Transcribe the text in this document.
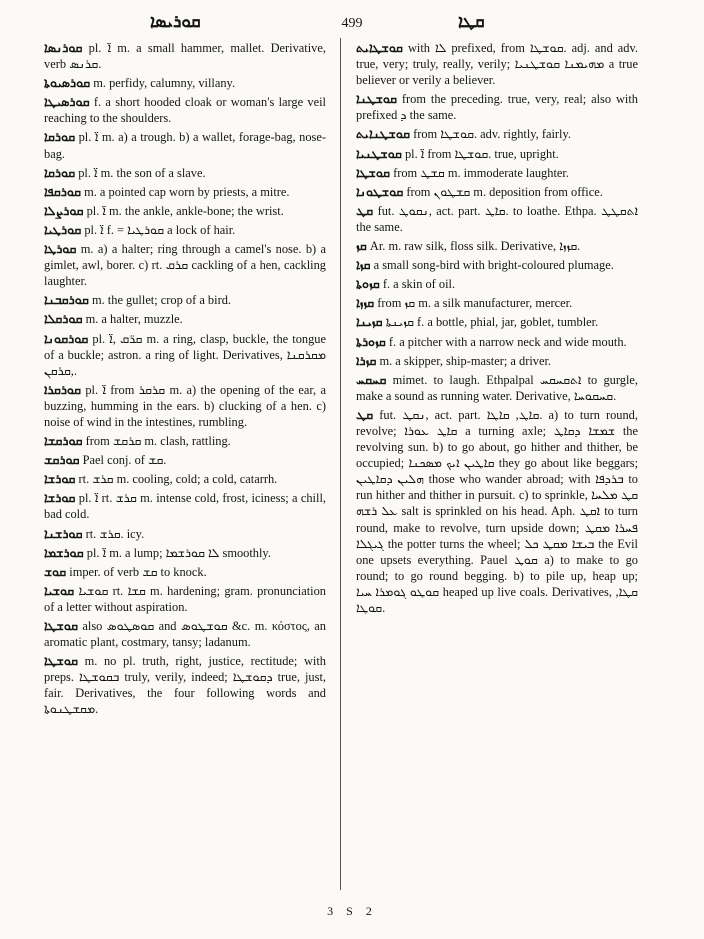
ܩܘܪܝܣܐ	499	ܩܛܐ

ܩܘܪܢܣܐ pl. ܐ̈ m. a small hammer, mallet. Derivative, verb ܩܪܢܣ.

ܩܘܪܣܝܘܬܐ m. perfidy, calumny, villany.

ܩܘܪܣܝܛܐ f. a short hooded cloak or woman's large veil reaching to the shoulders.

ܩܘܪܩܐ pl. ܐ̈ m. a) a trough. b) a wallet, forage-bag, nose-bag.

ܩܘܪܩܐ pl. ܐ̈ m. the son of a slave.

ܩܘܪܩܦܐ m. a pointed cap worn by priests, a mitre.

ܩܘܪܨܠܐ pl. ܐ̈ m. the ankle, ankle-bone; the wrist.

ܩܘܪܛܝܐ pl. ܐ̈ f. = ܩܘܪܛܝܐ a lock of hair.

ܩܘܪܛܐ m. a) a halter; ring through a camel's nose. b) a gimlet, awl, borer. c) rt. ܩܪܩ cackling of a hen, cackling laughter.

ܩܘܪܩܒܢܐ m. the gullet; crop of a bird.

ܩܘܪܩܠܐ m. a halter, muzzle.

ܩܘܪܩܘܢܐ pl. ܩܪ̈ܩ ,ܐ̈ m. a ring, clasp, buckle, the tongue of a buckle; astron. a ring of light. Derivatives, ܡܩܪܩܢܐ ,ܩܪܩܢ.

ܩܘܪܩܪܐ pl. ܐ̈ from ܩܪܩܪ m. a) the opening of the ear, a buzzing, humming in the ears. b) clucking of a hen. c) noise of wind in the intestines, rumbling.

ܩܘܪܩܫܐ from ܩܪܩܫ m. clash, rattling.

ܩܘܪܩܫ Pael conj. of ܩܫ.

ܩܘܪܫܐ rt. ܩܪܫ m. cooling, cold; a cold, catarrh.

ܩܘܪܫܐ pl. ܐ̈ rt. ܩܪܫ m. intense cold, frost, iciness; a chill, bad cold.

ܩܘܪܫܢܐ rt. ܩܪܫ. icy.

ܩܘܪܫܡܐ pl. ܐ̈ m. a lump; ܠܐ ܩܘܪܫܡܐ smoothly.

ܩܘܫ imper. of verb ܩܫ to knock.

ܩܘܫܝܐ ܩܘܫܝܐ rt. ܩܫܐ m. hardening; gram. pronunciation of a letter without aspiration.

ܩܘܫܛܐ also ܩܘܣܛܘܣ and ܩܘܫܛܘܣ &c. m. κόστος, an aromatic plant, costmary, tansy; ladanum.

ܩܘܫܛܐ m. no pl. truth, right, justice, rectitude; with preps. ܒܩܘܫܛܐ truly, verily, indeed; ܕܩܘܫܛܐ true, just, fair. Derivatives, the four following words and ܡܩܫܛܢܘܬܐ.

ܩܘܫܛܐܝܬ with ܠܐ prefixed, from ܩܘܫܛܐ. adj. and adv. true, very; truly, really, verily; ܡܗܝܡܢܐ ܩܘܫܛܢܝܐ a true believer or verily a believer.

ܩܘܫܛܢܐ from the preceding. true, very, real; also with prefixed ܕ the same.

ܩܘܫܛܢܐܝܬ from ܩܘܫܛܐ. adv. rightly, fairly.

ܩܘܫܛܢܝܐ pl. ܐ̈ from ܩܘܫܛܐ. true, upright.

ܩܘܫܛܐ from ܩܫܛ m. immoderate laughter.

ܩܘܫܛܘܢܐ from ܩܫܛܘܢ m. deposition from office.

ܩܛ fut. ܢܩܘܛ, act. part. ܩܐܛ. to loathe. Ethpa. ܐܬܩܛܛ the same.

ܩܙ Ar. m. raw silk, floss silk. Derivative, ܩܙܙܐ.

ܩܙܐ a small song-bird with bright-coloured plumage.

ܩܙܘܬܐ f. a skin of oil.

ܩܙܙܐ from ܩܙ m. a silk manufacturer, mercer.

ܩܙܝܢܐ ܩܙܝܢܬܐ f. a bottle, phial, jar, goblet, tumbler.

ܩܙܘܪܬܐ f. a pitcher with a narrow neck and wide mouth.

ܩܙܪܐ m. a skipper, ship-master; a driver.

ܩܚܩܚ mimet. to laugh. Ethpalpal ܐܬܩܚܩܚ to gurgle, make a sound as running water. Derivative, ܩܚܩܘܚܐ.

ܩܛ fut. ܢܩܛ, act. part. ܩܐܛ, ܩܐܛܐ. a) to turn round, revolve; ܩܐܛ ܥܘܪܐ a turning axle; ܫܡܫܐ ܕܩܐܛ the revolving sun. b) to go about, go hither and thither, be occupied; ܩܐܛܝܢ ܐܝܟ ܡܣܟܢܐ they go about like beggars; ܗܠܝܢ ܕܩܐܛܝܢ those who wander abroad; with ܒܪܕܦܐ to run hither and thither in pursuit. c) to sprinkle, ܩܛ ܡܠܚܐ ܥܠ ܪܫܗ salt is sprinkled on his head. Aph. ܐܩܛ to turn round, make to revolve, turn upside down; ܦܚܪܐ ܡܩܛ ܓܝܓܠܐ the potter turns the wheel; ܒܝܫܐ ܡܩܛ ܟܠ the Evil one upsets everything. Pauel ܩܘܛ a) to make to go round; to go round begging. b) to pile up, heap up; ܩܘܛܘ ܓܘܡܪܐ ܚܝܐ heaped up live coals. Derivatives, ܩܛܐ, ܩܘܛܐ.

3 S 2
